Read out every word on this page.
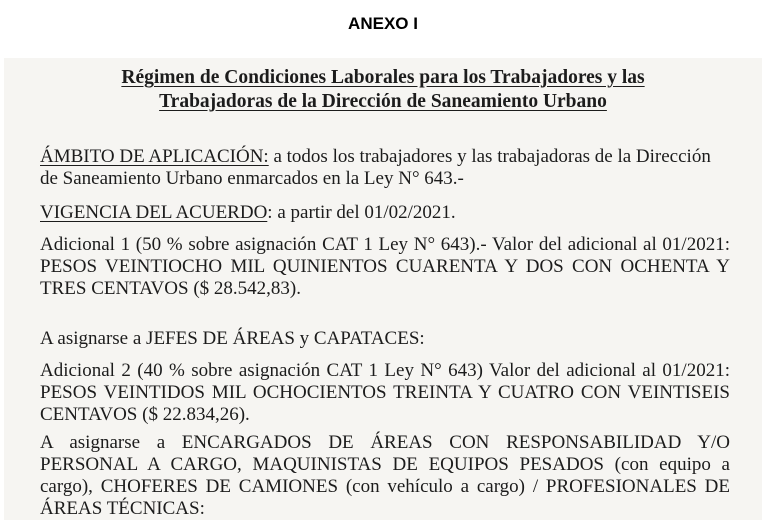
ANEXO I
Régimen de Condiciones Laborales para los Trabajadores y las
Trabajadoras de la Dirección de Saneamiento Urbano
ÁMBITO DE APLICACIÓN: a todos los trabajadores y las trabajadoras de la Dirección de Saneamiento Urbano enmarcados en la Ley N° 643.-
VIGENCIA DEL ACUERDO: a partir del 01/02/2021.
Adicional 1 (50 % sobre asignación CAT 1 Ley N° 643).- Valor del adicional al 01/2021: PESOS VEINTIOCHO MIL QUINIENTOS CUARENTA Y DOS CON OCHENTA Y TRES CENTAVOS ($ 28.542,83).
A asignarse a JEFES DE ÁREAS y CAPATACES:
Adicional 2 (40 % sobre asignación CAT 1 Ley N° 643) Valor del adicional al 01/2021: PESOS VEINTIDOS MIL OCHOCIENTOS TREINTA Y CUATRO CON VEINTISEIS CENTAVOS ($ 22.834,26).
A asignarse a ENCARGADOS DE ÁREAS CON RESPONSABILIDAD Y/O PERSONAL A CARGO, MAQUINISTAS DE EQUIPOS PESADOS (con equipo a cargo), CHOFERES DE CAMIONES (con vehículo a cargo) / PROFESIONALES DE ÁREAS TÉCNICAS:
